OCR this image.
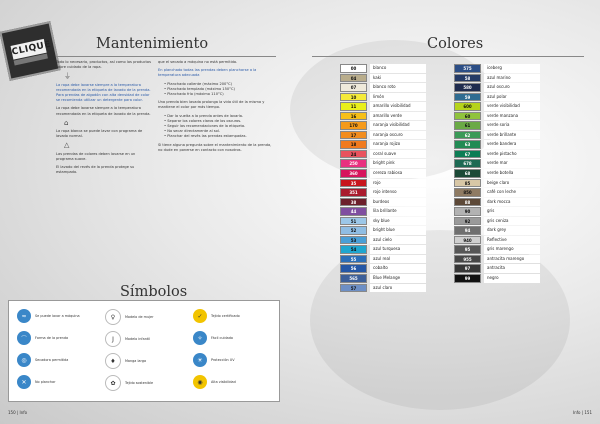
CLIQUE	Mantenimiento

Todo lo necesario, productos, así como los productos sobre cuidado de la ropa.

⏚

La ropa debe lavarse siempre a la temperatura recomendada en la etiqueta de lavado de la prenda. Para prendas de algodón con alta densidad de color se recomienda utilizar un detergente para color.

La ropa debe lavarse siempre a la temperatura recomendada en la etiqueta de lavado de la prenda.

⌂

La ropa blanca se puede lavar con programa de lavado normal.

△

Las prendas de colores deben lavarse en un programa suave.

El lavado del revés de la prenda protege su estampado.

que el secado a máquina no está permitido.

En planchado todas las prendas deben plancharse a la temperatura adecuada

• Planchado caliente (máximo 200°C)
• Planchado templado (máximo 150°C)
• Planchado frío (máximo 110°C)

Una prenda bien lavada prolonga la vida útil de la misma y mantiene el color por más tiempo.

• Dar la vuelta a la prenda antes de lavarla.
• Separar los colores claros de los oscuros.
• Seguir las recomendaciones de la etiqueta.
• No secar directamente al sol.
• Planchar del revés las prendas estampadas.

Si tiene alguna pregunta sobre el mantenimiento de la prenda, no dude en ponerse en contacto con nosotros.

Símbolos
≈	Se puede lavar a máquina	♀	Modelo de mujer	✓	Tejido certificado
⌒	Forma de la prenda	J	Modelo infantil	✧	Fácil cuidado
◎	Secadora permitida	♦	Manga larga	☀	Protección UV
✕	No planchar	✿	Tejido sostenible	◉	Alta visibilidad
Colores
00	blanco
04	kaki
07	blanco roto
10	limón
11	amarillo visibilidad
16	amarillo verde
170	naranja visibilidad
17	naranja oscuro
18	naranja rojizo
24	coral suave
250	bright pink
360	cereza rabiosa
35	rojo
351	rojo intenso
38	burdeos
44	lila brillante
51	sky blue
52	bright blue
53	azul cielo
54	azul turquesa
55	azul real
56	cobalto
565	Blue Melange
57	azul claro
575	iceberg
58	azul marino
580	azul oscuro
59	azul polar
600	verde visibilidad
60	verde manzana
61	verde soria
62	verde brillante
63	verde bandera
67	verde pistacho
678	verde mar
68	verde botella
85	beige claro
850	café con leche
88	dark mocca
90	gris
92	gris ceniza
94	dark grey
940	Reflective
95	gris marengo
955	antracita marengo
97	antracita
99	negro
150 | Info	Info | 151
